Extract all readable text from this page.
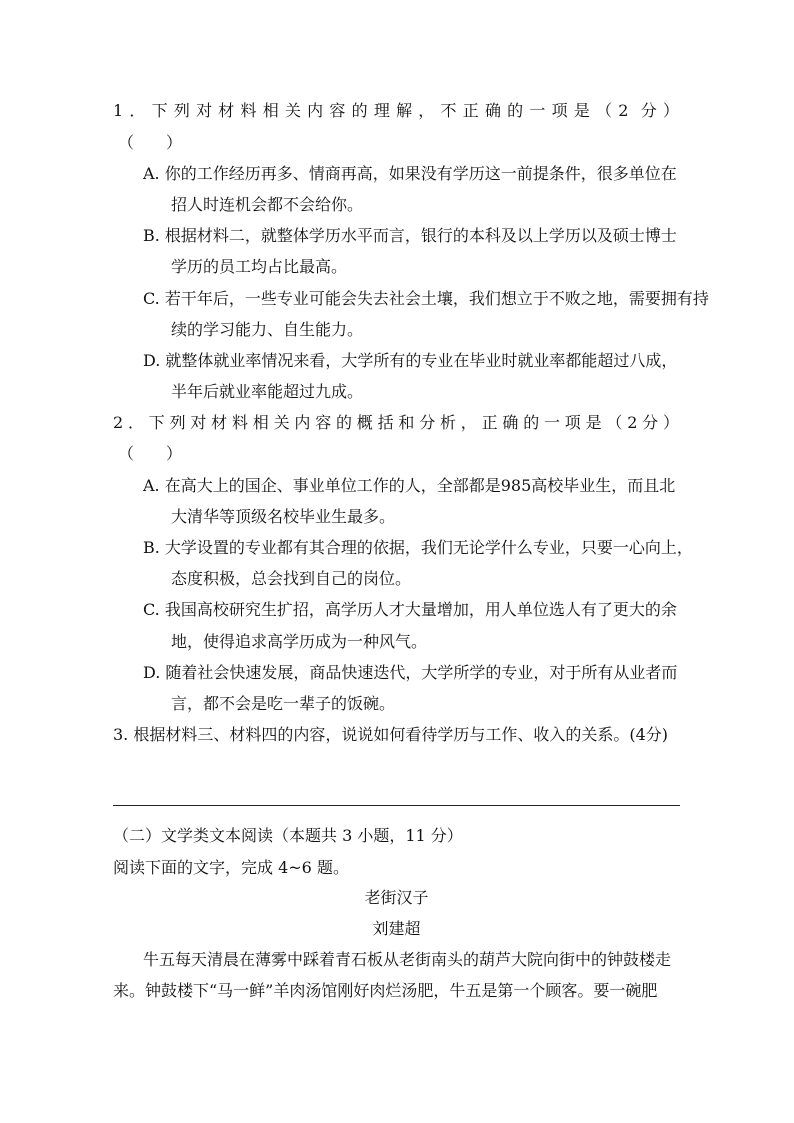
1．下列对材料相关内容的理解，不正确的一项是（2 分）
（　　）
A. 你的工作经历再多、情商再高，如果没有学历这一前提条件，很多单位在
招人时连机会都不会给你。
B. 根据材料二，就整体学历水平而言，银行的本科及以上学历以及硕士博士
学历的员工均占比最高。
C. 若干年后，一些专业可能会失去社会土壤，我们想立于不败之地，需要拥有持
续的学习能力、自生能力。
D. 就整体就业率情况来看，大学所有的专业在毕业时就业率都能超过八成，
半年后就业率能超过九成。
2．下列对材料相关内容的概括和分析，正确的一项是（2分）
（　　）
A. 在高大上的国企、事业单位工作的人，全部都是985高校毕业生，而且北
大清华等顶级名校毕业生最多。
B. 大学设置的专业都有其合理的依据，我们无论学什么专业，只要一心向上，
态度积极，总会找到自己的岗位。
C. 我国高校研究生扩招，高学历人才大量增加，用人单位选人有了更大的余
地，使得追求高学历成为一种风气。
D. 随着社会快速发展，商品快速迭代，大学所学的专业，对于所有从业者而
言，都不会是吃一辈子的饭碗。
3. 根据材料三、材料四的内容，说说如何看待学历与工作、收入的关系。(4分)
（二）文学类文本阅读（本题共 3 小题，11 分）
阅读下面的文字，完成 4~6 题。
老街汉子
刘建超
牛五每天清晨在薄雾中踩着青石板从老街南头的葫芦大院向街中的钟鼓楼走
来。钟鼓楼下“马一鲜”羊肉汤馆刚好肉烂汤肥，牛五是第一个顾客。要一碗肥
